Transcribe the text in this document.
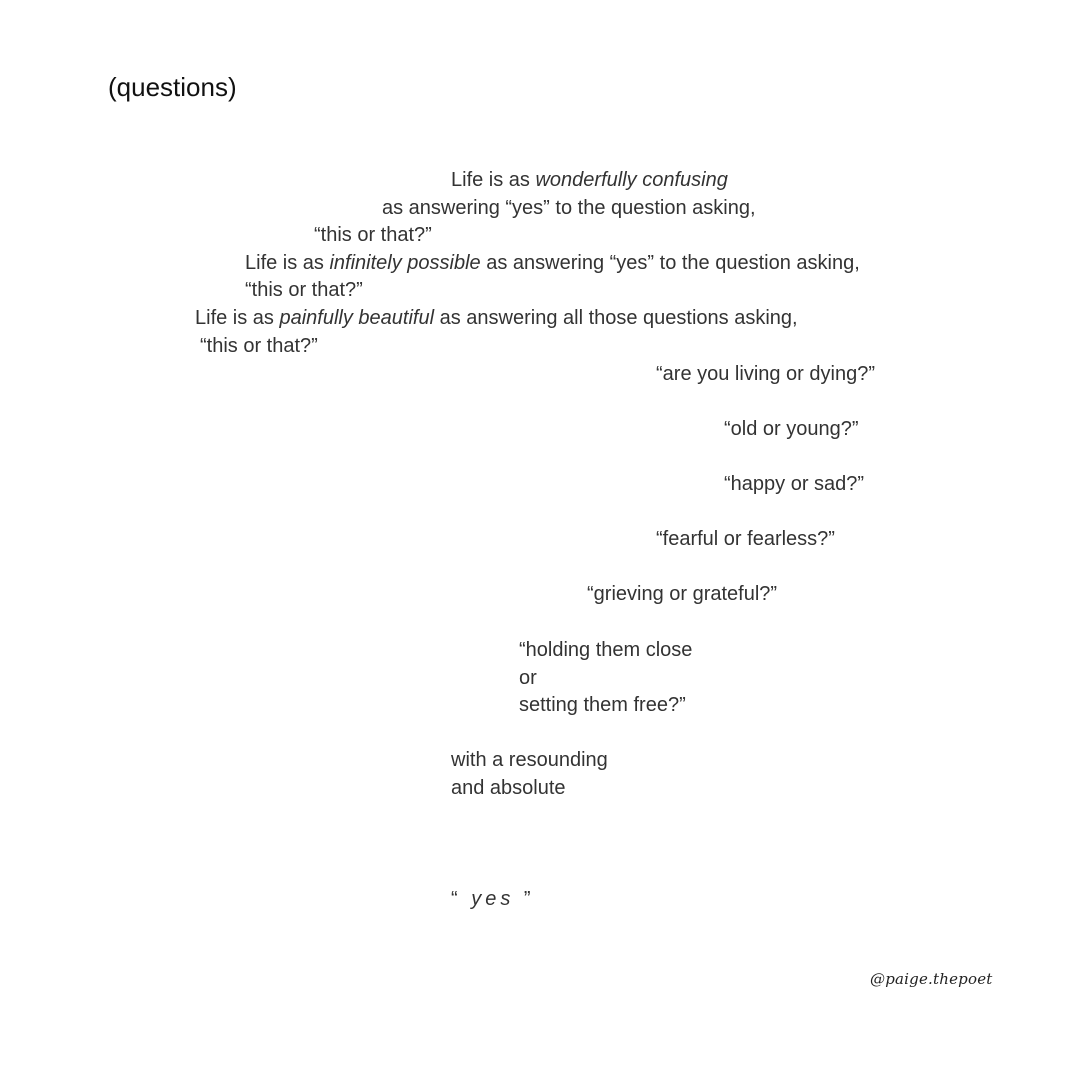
(questions)
Life is as wonderfully confusing
as answering “yes” to the question asking,
“this or that?”
Life is as infinitely possible as answering “yes” to the question asking,
“this or that?”
Life is as painfully beautiful as answering all those questions asking,
“this or that?”
“are you living or dying?”
“old or young?”
“happy or sad?”
“fearful or fearless?”
“grieving or grateful?”
“holding them close
or
setting them free?”
with a resounding
and absolute
“ yes ”
@paige.thepoet
